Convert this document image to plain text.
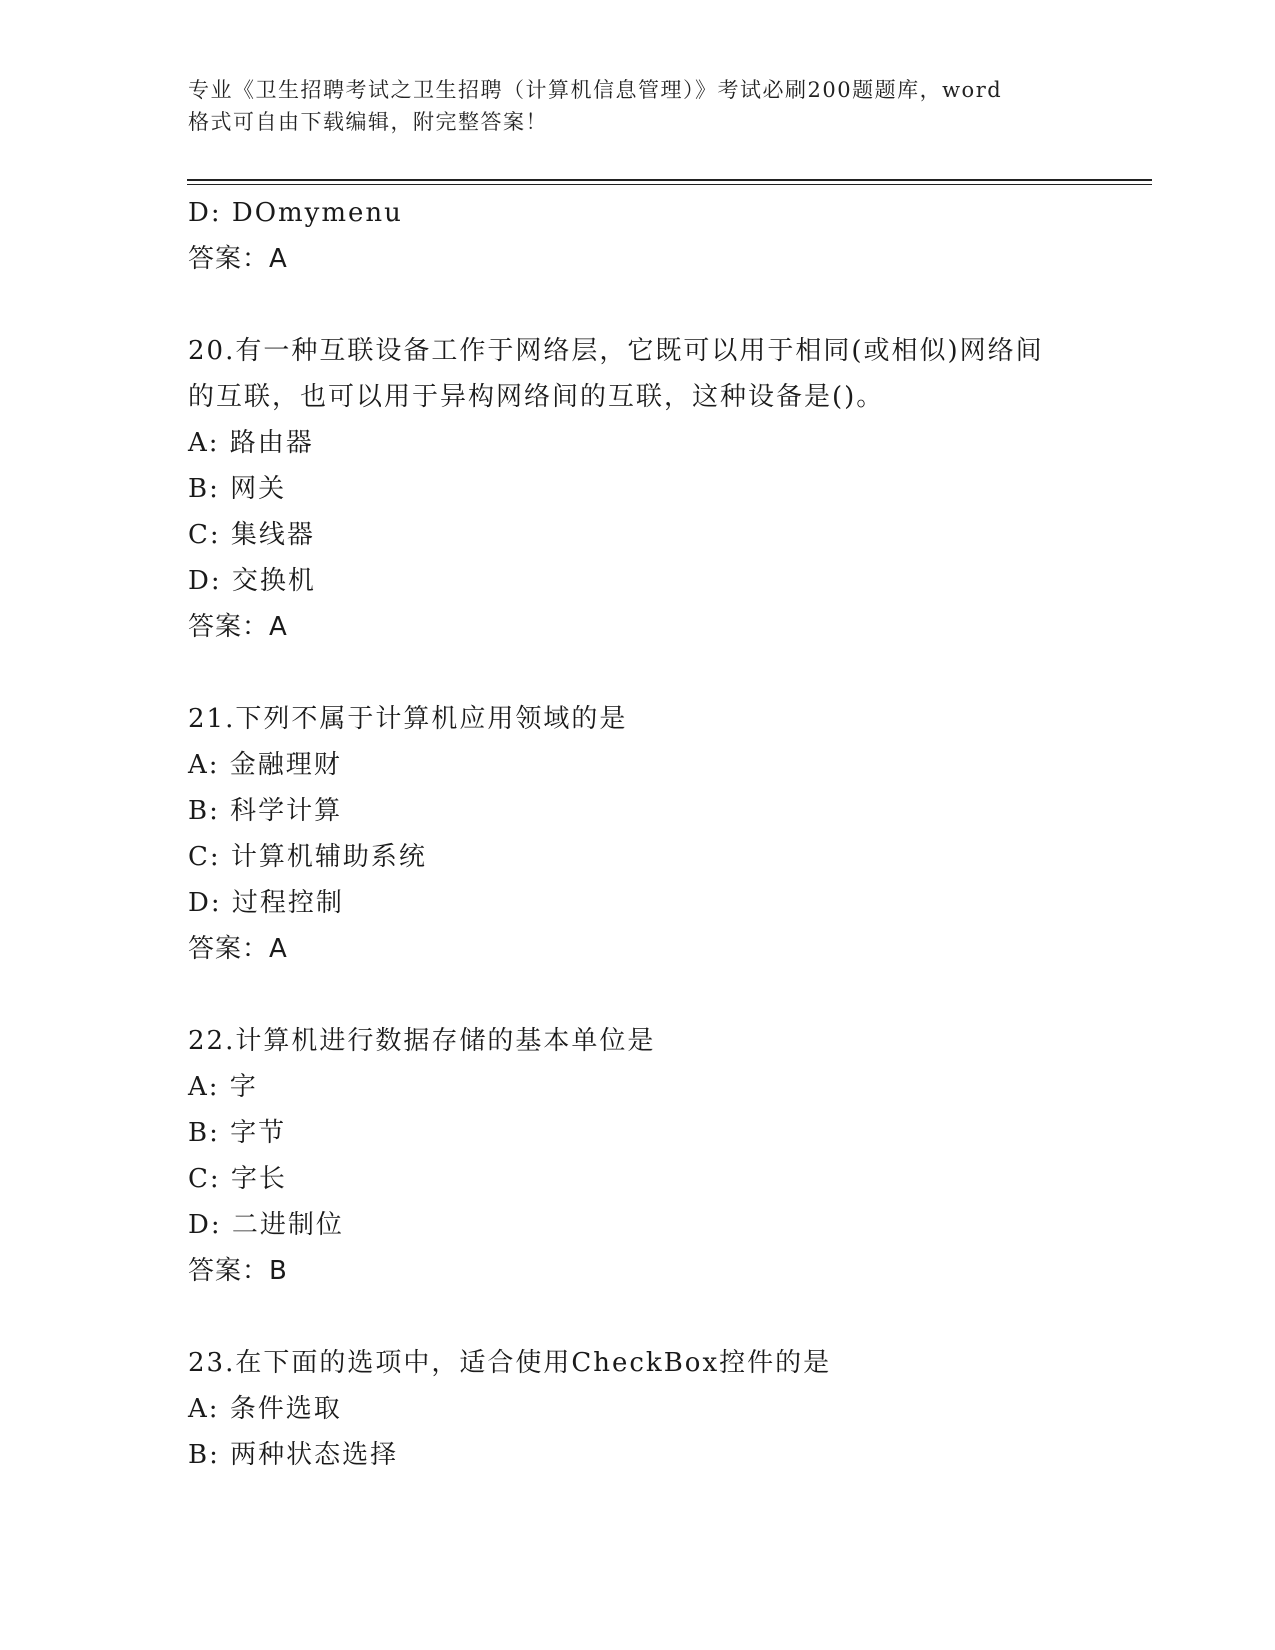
专业《卫生招聘考试之卫生招聘（计算机信息管理）》考试必刷200题题库，word
格式可自由下载编辑，附完整答案！
D: DOmymenu
答案：A
20.有一种互联设备工作于网络层，它既可以用于相同(或相似)网络间
的互联，也可以用于异构网络间的互联，这种设备是()。
A: 路由器
B: 网关
C: 集线器
D: 交换机
答案：A
21.下列不属于计算机应用领域的是
A: 金融理财
B: 科学计算
C: 计算机辅助系统
D: 过程控制
答案：A
22.计算机进行数据存储的基本单位是
A: 字
B: 字节
C: 字长
D: 二进制位
答案：B
23.在下面的选项中，适合使用CheckBox控件的是
A: 条件选取
B: 两种状态选择
